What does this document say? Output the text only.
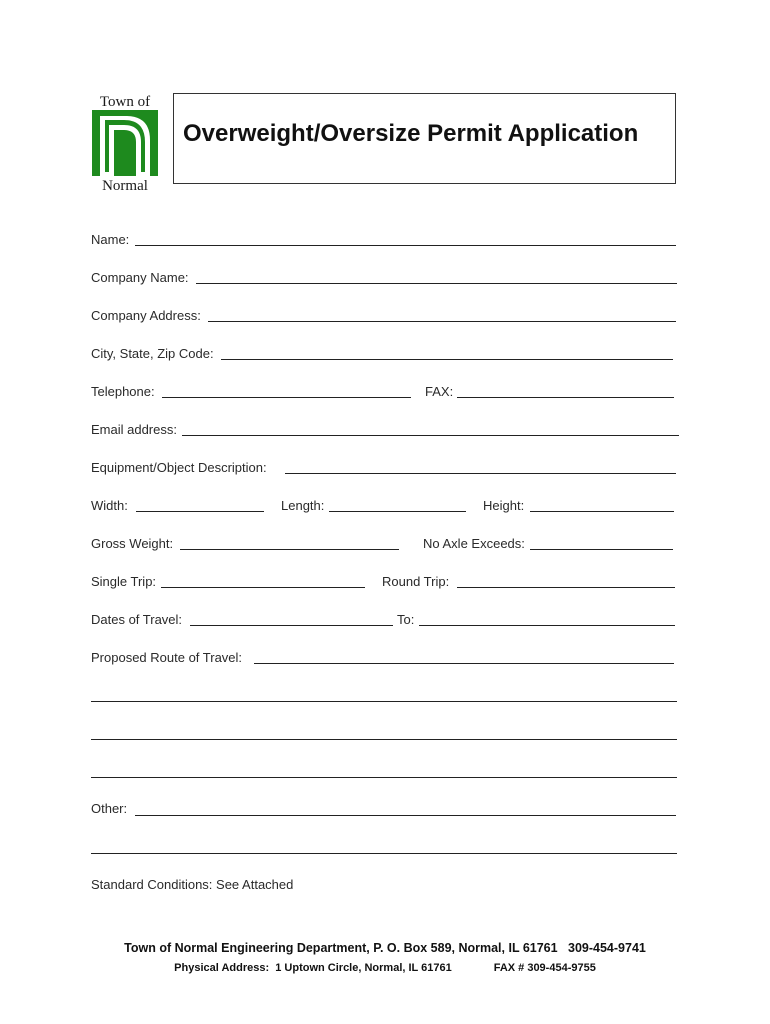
Town of
Normal
Overweight/Oversize Permit Application
Name:
Company Name:
Company Address:
City, State, Zip Code:
Telephone:	FAX:
Email address:
Equipment/Object Description:
Width:	Length:	Height:
Gross Weight:	No Axle Exceeds:
Single Trip:	Round Trip:
Dates of Travel:	To:
Proposed Route of Travel:
Other:
Standard Conditions: See Attached
Town of Normal Engineering Department, P. O. Box 589, Normal, IL 61761   309-454-9741
Physical Address:  1 Uptown Circle, Normal, IL 61761	FAX # 309-454-9755
